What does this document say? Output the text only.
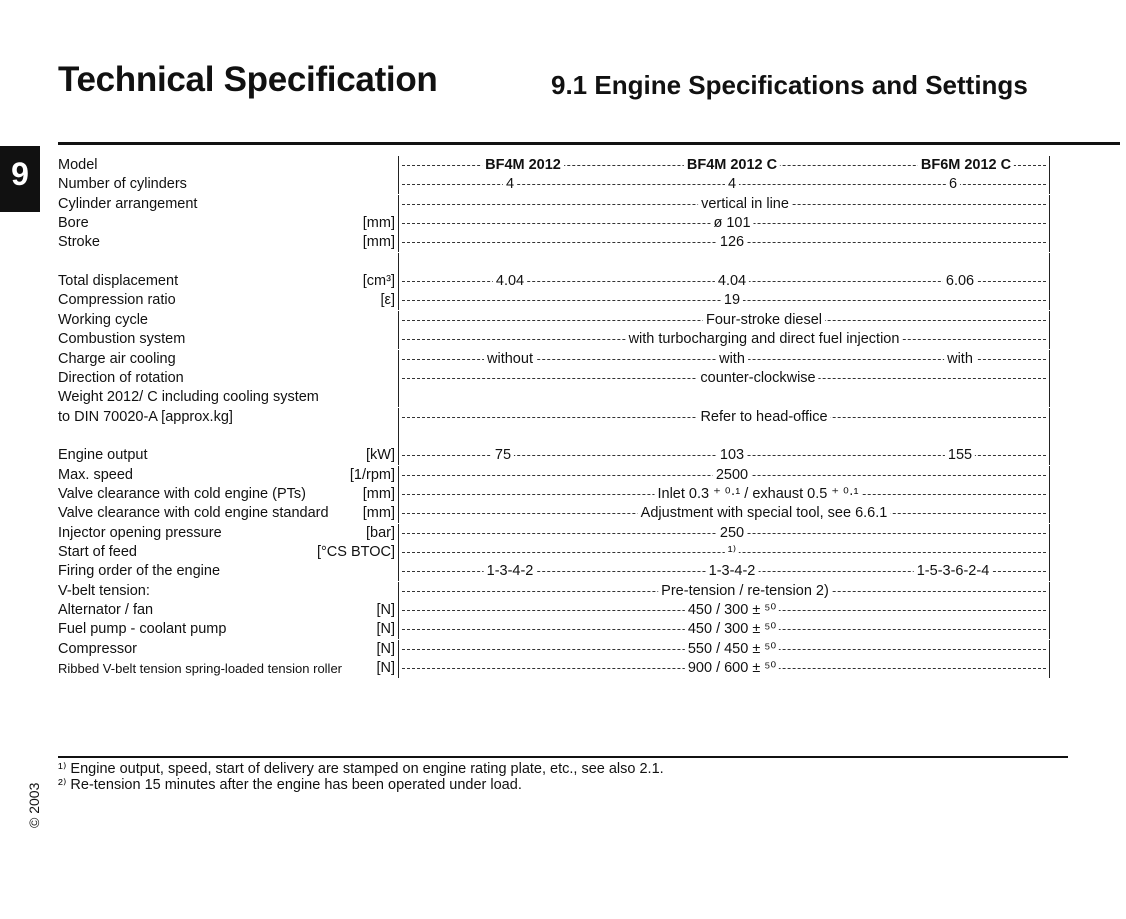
Technical Specification	9.1 Engine Specifications and Settings
9	Model	BF4M 2012	BF4M 2012 C	BF6M 2012 C
Number of cylinders	4	4	6
Cylinder arrangement	vertical in line
Bore	[mm]	ø 101
Stroke	[mm]	126
Total displacement	[cm³]	4.04	4.04	6.06
Compression ratio	[ε]	19
Working cycle	Four-stroke diesel
Combustion system	with turbocharging and direct fuel injection
Charge air cooling	without	with	with
Direction of rotation	counter-clockwise
Weight 2012/ C including cooling system
to DIN 70020-A [approx.kg]	Refer to head-office
Engine output	[kW]	75	103	155
Max. speed	[1/rpm]	2500
Valve clearance with cold engine (PTs)	[mm]	Inlet 0.3 ⁺ ⁰·¹ / exhaust 0.5 ⁺ ⁰·¹
Valve clearance with cold engine standard [mm]	Adjustment with special tool, see 6.6.1
Injector opening pressure	[bar]	250
Start of feed	[°CS BTOC]	¹⁾
Firing order of the engine	1-3-4-2	1-3-4-2	1-5-3-6-2-4
V-belt tension:	Pre-tension / re-tension 2)
Alternator / fan	[N]	450 / 300 ± ⁵⁰
Fuel pump - coolant pump	[N]	450 / 300 ± ⁵⁰
Compressor	[N]	550 / 450 ± ⁵⁰
Ribbed V-belt tension spring-loaded tension roller [N]	900 / 600 ± ⁵⁰
¹⁾ Engine output, speed, start of delivery are stamped on engine rating plate, etc., see also 2.1.
²⁾ Re-tension 15 minutes after the engine has been operated under load.
© 2003
